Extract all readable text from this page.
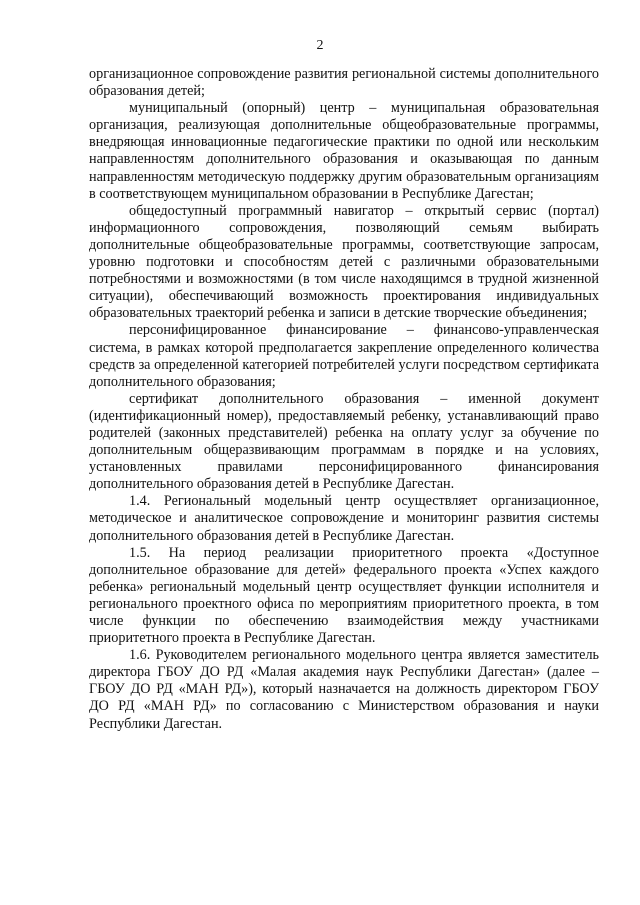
2

организационное сопровождение развития региональной системы дополнительного образования детей;

муниципальный (опорный) центр – муниципальная образовательная организация, реализующая дополнительные общеобразовательные программы, внедряющая инновационные педагогические практики по одной или нескольким направленностям дополнительного образования и оказывающая по данным направленностям методическую поддержку другим образовательным организациям в соответствующем муниципальном образовании в Республике Дагестан;

общедоступный программный навигатор – открытый сервис (портал) информационного сопровождения, позволяющий семьям выбирать дополнительные общеобразовательные программы, соответствующие запросам, уровню подготовки и способностям детей с различными образовательными потребностями и возможностями (в том числе находящимся в трудной жизненной ситуации), обеспечивающий возможность проектирования индивидуальных образовательных траекторий ребенка и записи в детские творческие объединения;

персонифицированное финансирование – финансово-управленческая система, в рамках которой предполагается закрепление определенного количества средств за определенной категорией потребителей услуги посредством сертификата дополнительного образования;

сертификат дополнительного образования – именной документ (идентификационный номер), предоставляемый ребенку, устанавливающий право родителей (законных представителей) ребенка на оплату услуг за обучение по дополнительным общеразвивающим программам в порядке и на условиях, установленных правилами персонифицированного финансирования дополнительного образования детей в Республике Дагестан.

1.4. Региональный модельный центр осуществляет организационное, методическое и аналитическое сопровождение и мониторинг развития системы дополнительного образования детей в Республике Дагестан.

1.5. На период реализации приоритетного проекта «Доступное дополнительное образование для детей» федерального проекта «Успех каждого ребенка» региональный модельный центр осуществляет функции исполнителя и регионального проектного офиса по мероприятиям приоритетного проекта, в том числе функции по обеспечению взаимодействия между участниками приоритетного проекта в Республике Дагестан.

1.6. Руководителем регионального модельного центра является заместитель директора ГБОУ ДО РД «Малая академия наук Республики Дагестан» (далее – ГБОУ ДО РД «МАН РД»), который назначается на должность директором ГБОУ ДО РД «МАН РД» по согласованию с Министерством образования и науки Республики Дагестан.
